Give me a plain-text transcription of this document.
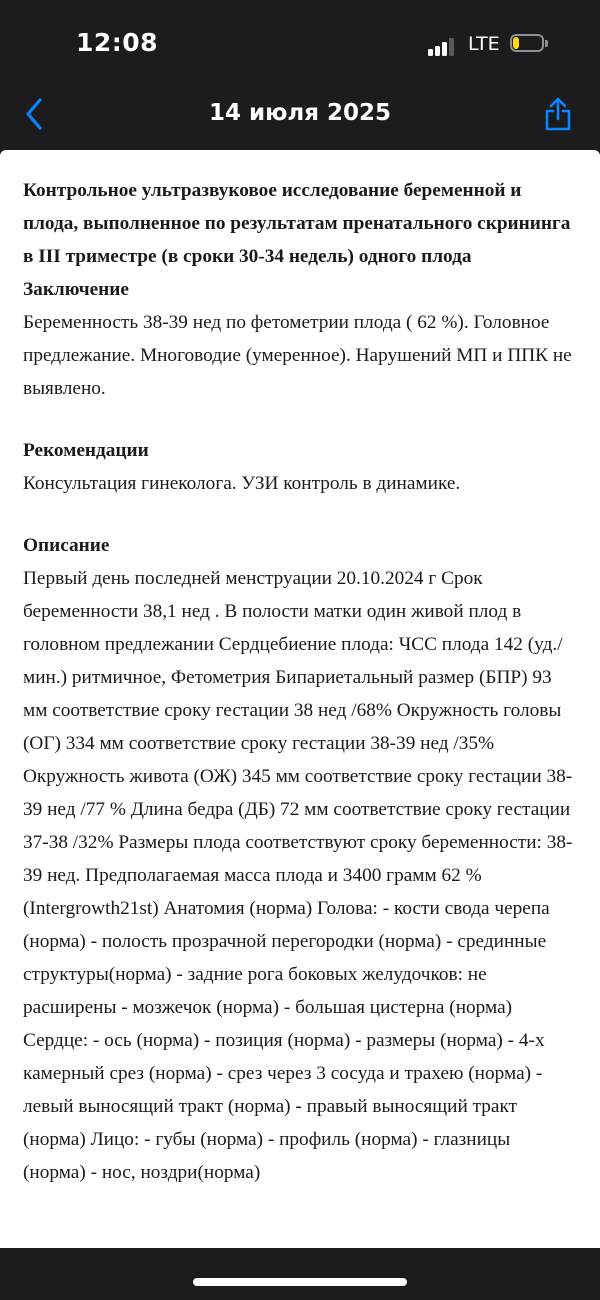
12:08	LTE
14 июля 2025

Контрольное ультразвуковое исследование беременной и плода, выполненное по результатам пренатального скрининга в III триместре (в сроки 30-34 недель) одного плода

Заключение

Беременность 38-39 нед по фетометрии плода ( 62 %). Головное предлежание. Многоводие (умеренное). Нарушений МП и ППК не выявлено.

Рекомендации

Консультация гинеколога. УЗИ контроль в динамике.

Описание

Первый день последней менструации 20.10.2024 г Срок беременности 38,1 нед . В полости матки один живой плод в головном предлежании Сердцебиение плода: ЧСС плода 142 (уд./мин.) ритмичное, Фетометрия Бипариетальный размер (БПР) 93 мм соответствие сроку гестации 38 нед /68% Окружность головы (ОГ) 334 мм соответствие сроку гестации 38-39 нед /35% Окружность живота (ОЖ) 345 мм соответствие сроку гестации 38-39 нед /77 % Длина бедра (ДБ) 72 мм соответствие сроку гестации 37-38 /32% Размеры плода соответствуют сроку беременности: 38-39 нед. Предполагаемая масса плода и 3400 грамм 62 % (Intergrowth21st) Анатомия (норма) Голова: - кости свода черепа (норма) - полость прозрачной перегородки (норма) - срединные структуры(норма) - задние рога боковых желудочков: не расширены - мозжечок (норма) - большая цистерна (норма) Сердце: - ось (норма) - позиция (норма) - размеры (норма) - 4-х камерный срез (норма) - срез через 3 сосуда и трахею (норма) - левый выносящий тракт (норма) - правый выносящий тракт (норма) Лицо: - губы (норма) - профиль (норма) - глазницы (норма) - нос, ноздри(норма)
